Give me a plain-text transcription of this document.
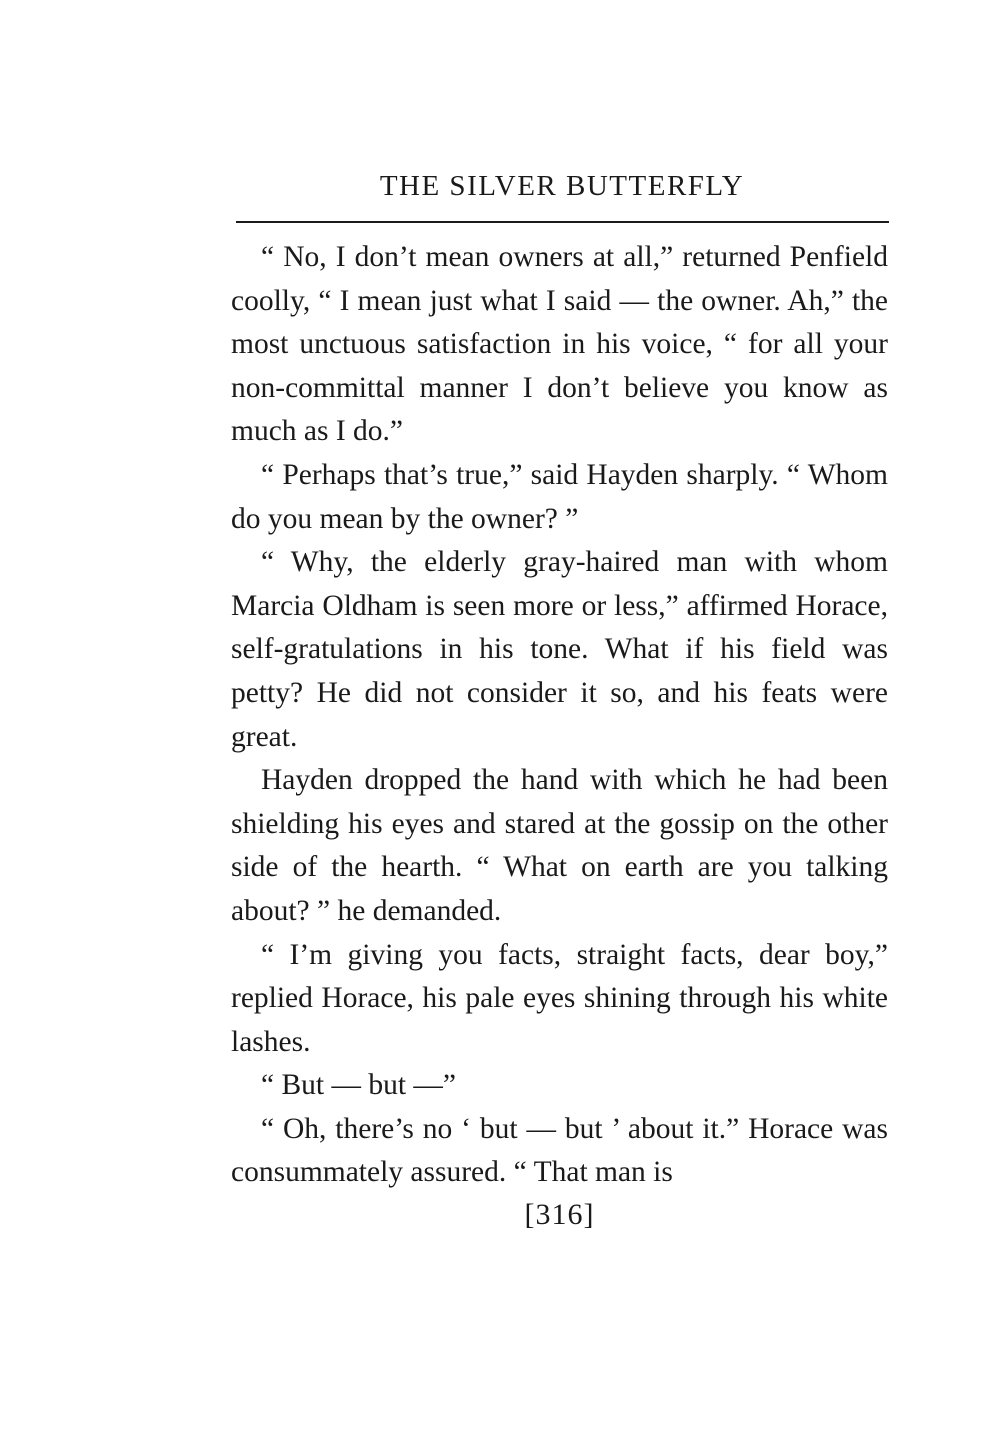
THE SILVER BUTTERFLY

“ No, I don’t mean owners at all,” returned Penfield coolly, “ I mean just what I said — the owner. Ah,” the most unctuous satisfaction in his voice, “ for all your non-committal manner I don’t believe you know as much as I do.”

“ Perhaps that’s true,” said Hayden sharply. “ Whom do you mean by the owner? ”

“ Why, the elderly gray-haired man with whom Marcia Oldham is seen more or less,” affirmed Horace, self-gratulations in his tone. What if his field was petty? He did not consider it so, and his feats were great.

Hayden dropped the hand with which he had been shielding his eyes and stared at the gossip on the other side of the hearth. “ What on earth are you talking about? ” he demanded.

“ I’m giving you facts, straight facts, dear boy,” replied Horace, his pale eyes shining through his white lashes.

“ But — but —”

“ Oh, there’s no ‘ but — but ’ about it.” Horace was consummately assured. “ That man is

[316]
